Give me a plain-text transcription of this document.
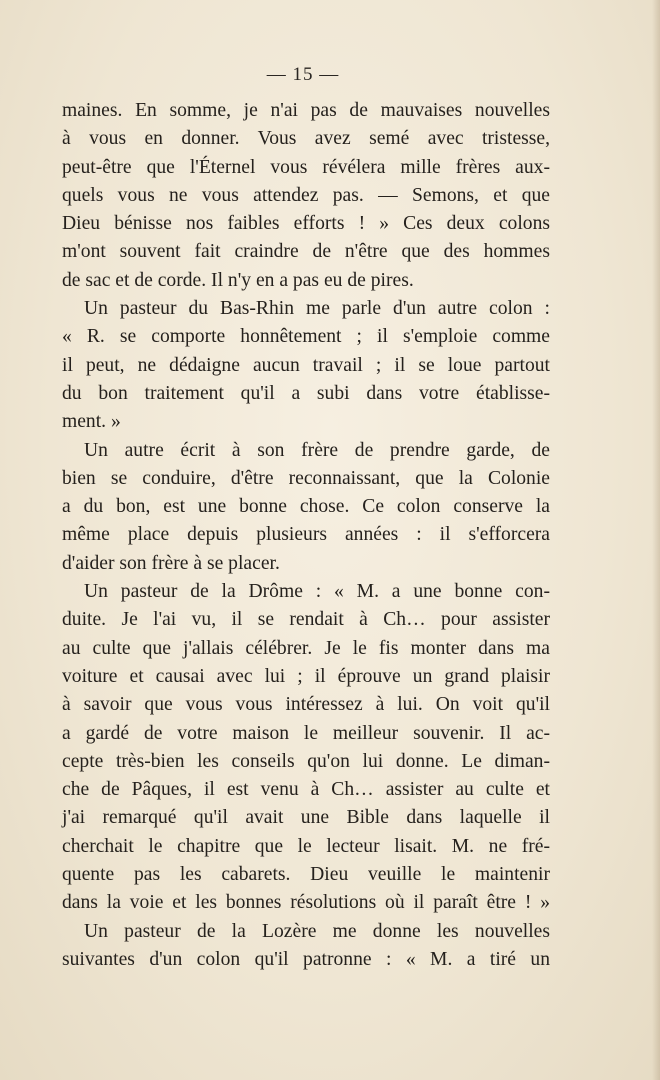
— 15 —
maines. En somme, je n'ai pas de mauvaises nouvelles
à vous en donner. Vous avez semé avec tristesse,
peut-être que l'Éternel vous révélera mille frères aux-
quels vous ne vous attendez pas. — Semons, et que
Dieu bénisse nos faibles efforts ! » Ces deux colons
m'ont souvent fait craindre de n'être que des hommes
de sac et de corde. Il n'y en a pas eu de pires.
Un pasteur du Bas-Rhin me parle d'un autre colon :
« R. se comporte honnêtement ; il s'emploie comme
il peut, ne dédaigne aucun travail ; il se loue partout
du bon traitement qu'il a subi dans votre établisse-
ment. »
Un autre écrit à son frère de prendre garde, de
bien se conduire, d'être reconnaissant, que la Colonie
a du bon, est une bonne chose. Ce colon conserve la
même place depuis plusieurs années : il s'efforcera
d'aider son frère à se placer.
Un pasteur de la Drôme : « M. a une bonne con-
duite. Je l'ai vu, il se rendait à Ch… pour assister
au culte que j'allais célébrer. Je le fis monter dans ma
voiture et causai avec lui ; il éprouve un grand plaisir
à savoir que vous vous intéressez à lui. On voit qu'il
a gardé de votre maison le meilleur souvenir. Il ac-
cepte très-bien les conseils qu'on lui donne. Le diman-
che de Pâques, il est venu à Ch… assister au culte et
j'ai remarqué qu'il avait une Bible dans laquelle il
cherchait le chapitre que le lecteur lisait. M. ne fré-
quente pas les cabarets. Dieu veuille le maintenir
dans la voie et les bonnes résolutions où il paraît être ! »
Un pasteur de la Lozère me donne les nouvelles
suivantes d'un colon qu'il patronne : « M. a tiré un
